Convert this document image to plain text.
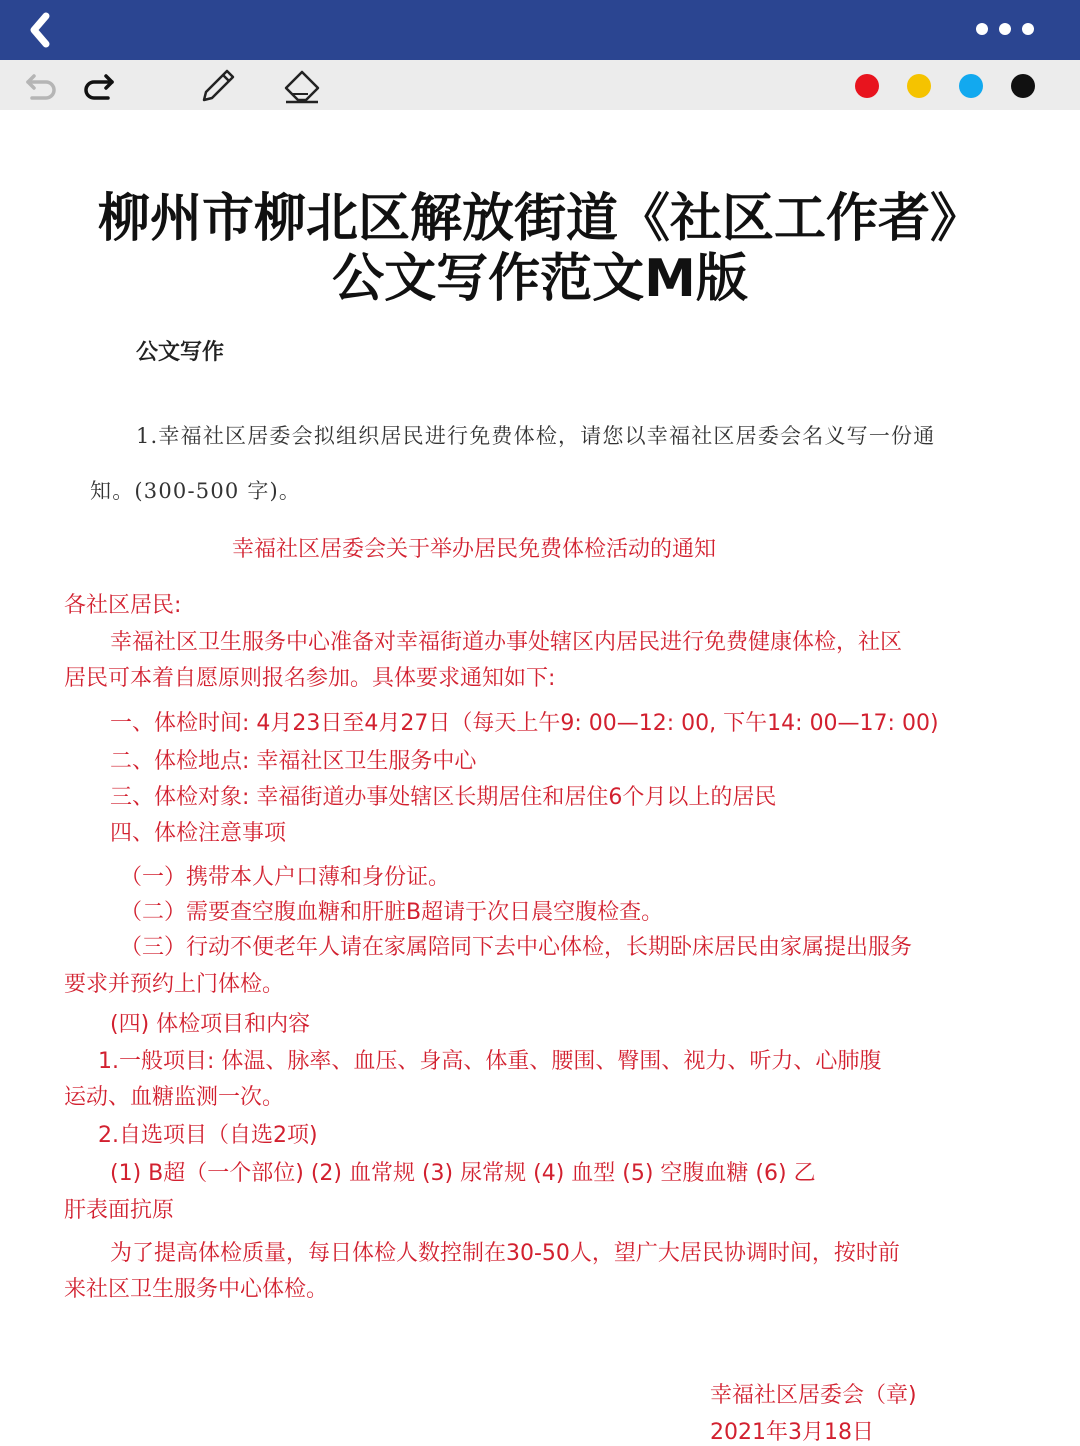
柳州市柳北区解放街道《社区工作者》
公文写作范文M版
公文写作
1.幸福社区居委会拟组织居民进行免费体检，请您以幸福社区居委会名义写一份通
知。(300-500 字)。
幸福社区居委会关于举办居民免费体检活动的通知
各社区居民:
幸福社区卫生服务中心准备对幸福街道办事处辖区内居民进行免费健康体检，社区
居民可本着自愿原则报名参加。具体要求通知如下:
一、体检时间: 4月23日至4月27日（每天上午9: 00—12: 00, 下午14: 00—17: 00)
二、体检地点: 幸福社区卫生服务中心
三、体检对象: 幸福街道办事处辖区长期居住和居住6个月以上的居民
四、体检注意事项
（一）携带本人户口薄和身份证。
（二）需要查空腹血糖和肝脏B超请于次日晨空腹检查。
（三）行动不便老年人请在家属陪同下去中心体检，长期卧床居民由家属提出服务
要求并预约上门体检。
(四) 体检项目和内容
1.一般项目: 体温、脉率、血压、身高、体重、腰围、臀围、视力、听力、心肺腹
运动、血糖监测一次。
2.自选项目（自选2项)
(1) B超（一个部位) (2) 血常规 (3) 尿常规 (4) 血型 (5) 空腹血糖 (6) 乙
肝表面抗原
为了提高体检质量，每日体检人数控制在30-50人，望广大居民协调时间，按时前
来社区卫生服务中心体检。
幸福社区居委会（章)
2021年3月18日
